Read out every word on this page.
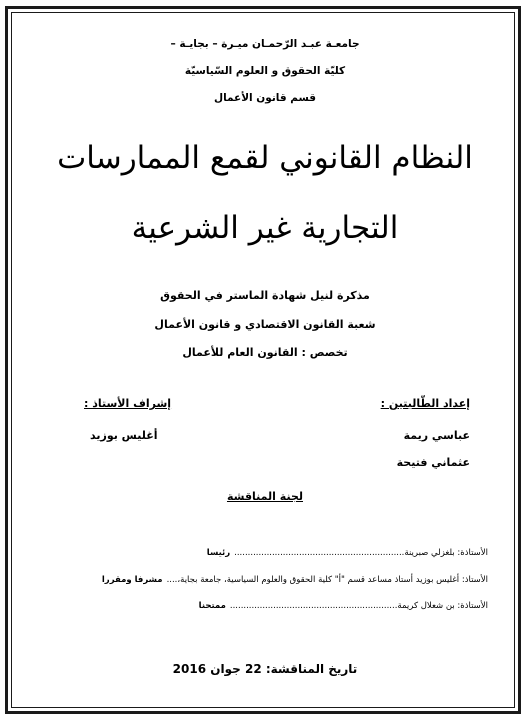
جامعـة عبـد الرّحمـان ميـرة – بجايـة –
كليّة الحقوق و العلوم السّياسيّة
قسم قانون الأعمال
النظام القانوني لقمع الممارسات
التجارية غير الشرعية
مذكرة لنيل شهادة الماستر في الحقوق
شعبة القانون الاقتصادي و قانون الأعمال
تخصص : القانون العام للأعمال
إعداد الطّالبتين :
إشراف الأستاذ :
عباسي ريمة
عثماني فتيحة
أغليس بوزيد
لجنة المناقشة
الأستاذة: بلغزلي صبرينة...............................................................رئيسا
الأستاذ: أغليس بوزيد أستاذ مساعد قسم "أ" كلية الحقوق والعلوم السياسية، جامعة بجاية،....مشرفا ومقررا
الأستاذة: بن شعلال كريمة..............................................................ممتحنا
تاريخ المناقشة: 22 جوان 2016
